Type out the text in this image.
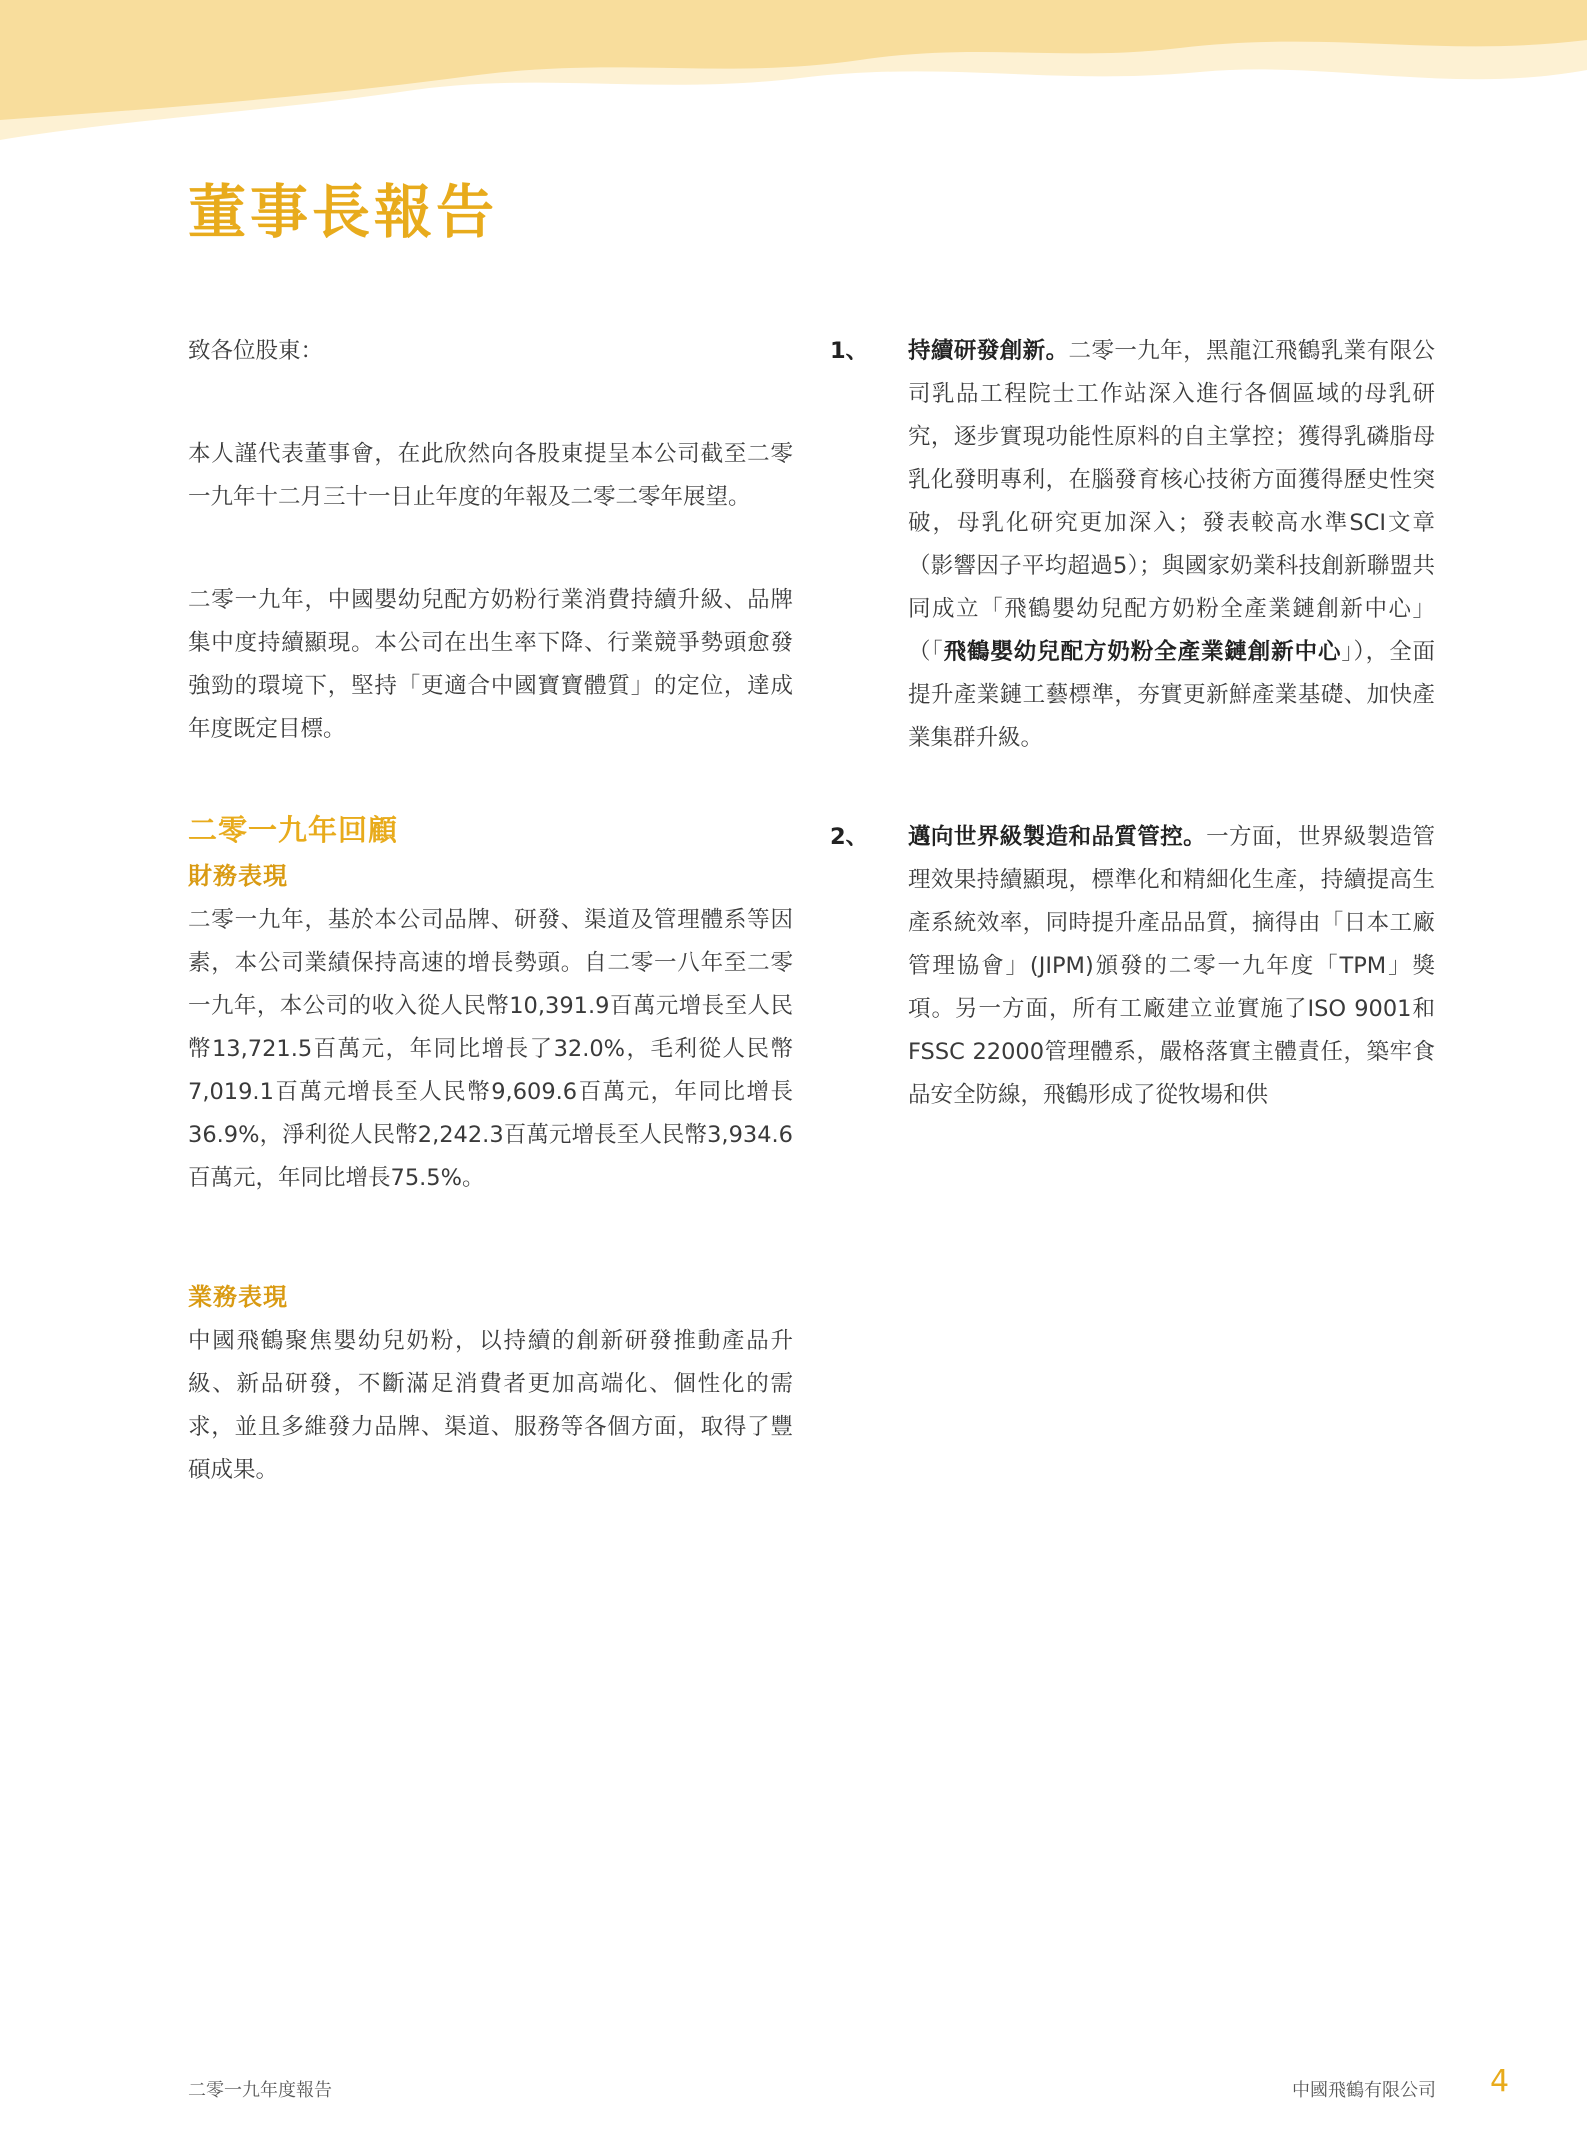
董事長報告

致各位股東：

本人謹代表董事會，在此欣然向各股東提呈本公司截至二零一九年十二月三十一日止年度的年報及二零二零年展望。

二零一九年，中國嬰幼兒配方奶粉行業消費持續升級、品牌集中度持續顯現。本公司在出生率下降、行業競爭勢頭愈發強勁的環境下，堅持「更適合中國寶寶體質」的定位，達成年度既定目標。

二零一九年回顧
財務表現

二零一九年，基於本公司品牌、研發、渠道及管理體系等因素，本公司業績保持高速的增長勢頭。自二零一八年至二零一九年，本公司的收入從人民幣10,391.9百萬元增長至人民幣13,721.5百萬元，年同比增長了32.0%，毛利從人民幣7,019.1百萬元增長至人民幣9,609.6百萬元，年同比增長36.9%，淨利從人民幣2,242.3百萬元增長至人民幣3,934.6百萬元，年同比增長75.5%。

業務表現

中國飛鶴聚焦嬰幼兒奶粉，以持續的創新研發推動產品升級、新品研發，不斷滿足消費者更加高端化、個性化的需求，並且多維發力品牌、渠道、服務等各個方面，取得了豐碩成果。

1、	持續研發創新。二零一九年，黑龍江飛鶴乳業有限公司乳品工程院士工作站深入進行各個區域的母乳研究，逐步實現功能性原料的自主掌控；獲得乳磷脂母乳化發明專利，在腦發育核心技術方面獲得歷史性突破，母乳化研究更加深入；發表較高水準SCI文章（影響因子平均超過5）；與國家奶業科技創新聯盟共同成立「飛鶴嬰幼兒配方奶粉全產業鏈創新中心」（「飛鶴嬰幼兒配方奶粉全產業鏈創新中心」），全面提升產業鏈工藝標準，夯實更新鮮產業基礎、加快產業集群升級。

2、	邁向世界級製造和品質管控。一方面，世界級製造管理效果持續顯現，標準化和精細化生產，持續提高生產系統效率，同時提升產品品質，摘得由「日本工廠管理協會」(JIPM)頒發的二零一九年度「TPM」獎項。另一方面，所有工廠建立並實施了ISO 9001和FSSC 22000管理體系，嚴格落實主體責任，築牢食品安全防線，飛鶴形成了從牧場和供

二零一九年度報告	中國飛鶴有限公司 4
